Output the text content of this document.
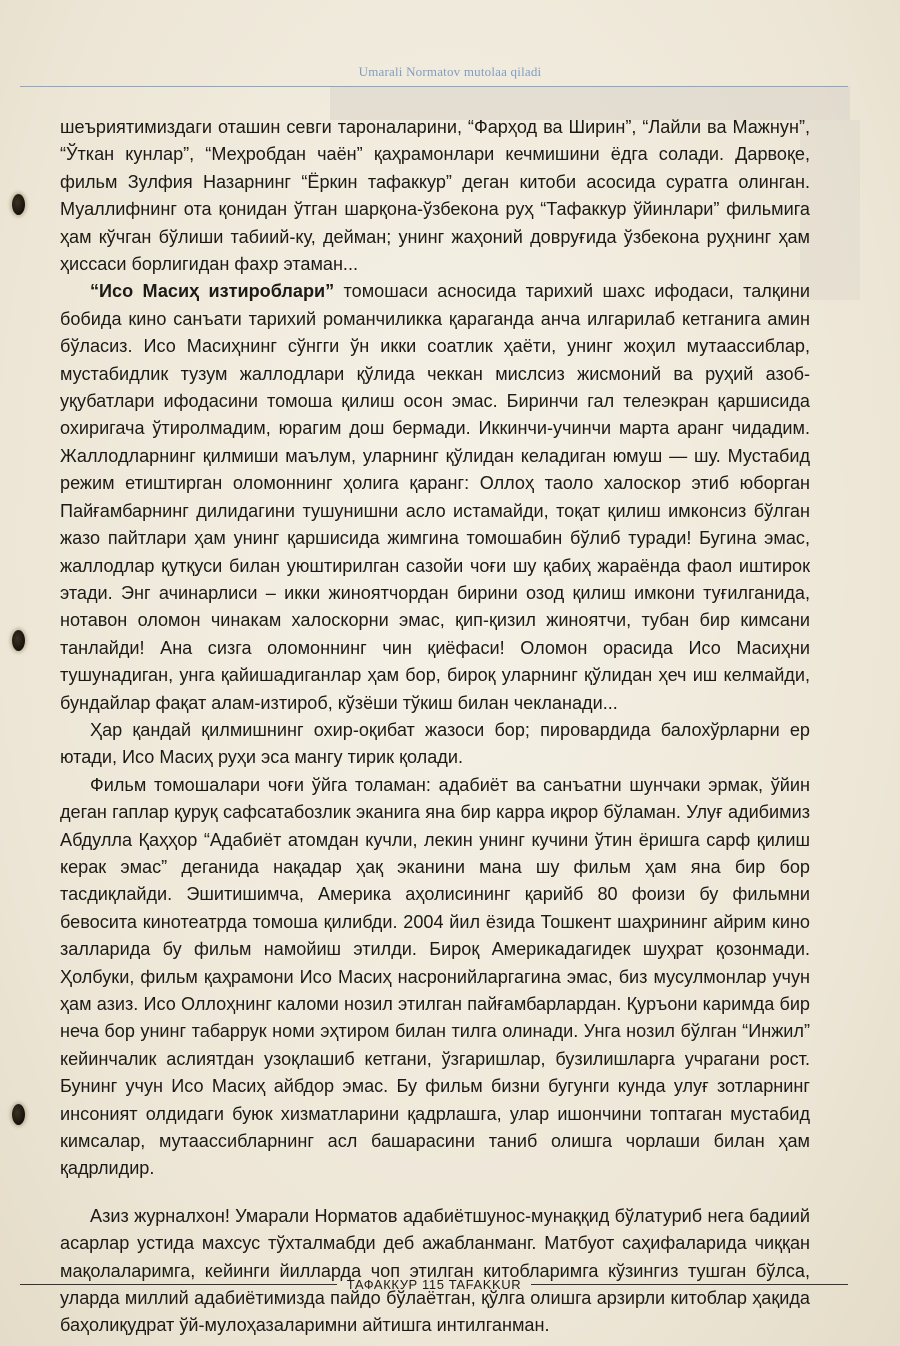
Umarali Normatov mutolaa qiladi

шеъриятимиздаги оташин севги тароналарини, “Фарҳод ва Ширин”, “Лайли ва Мажнун”, “Ўткан кунлар”, “Меҳробдан чаён” қаҳрамонлари кечмишини ёдга солади. Дарвоқе, фильм Зулфия Назарнинг “Ёркин тафаккур” деган китоби асосида суратга олинган. Муаллифнинг ота қонидан ўтган шарқона-ўзбекона руҳ “Тафаккур ўйинлари” фильмига ҳам кўчган бўлиши табиий-ку, дейман; унинг жаҳоний довруғида ўзбекона руҳнинг ҳам ҳиссаси борлигидан фахр этаман...

“Исо Масиҳ изтироблари” томошаси асносида тарихий шахс ифодаси, талқини бобида кино санъати тарихий романчиликка қараганда анча илгарилаб кетганига амин бўласиз. Исо Масиҳнинг сўнгги ўн икки соатлик ҳаёти, унинг жоҳил мутаассиблар, мустабидлик тузум жаллодлари қўлида чеккан мислсиз жисмоний ва руҳий азоб-уқубатлари ифодасини томоша қилиш осон эмас. Биринчи гал телеэкран қаршисида охиригача ўтиролмадим, юрагим дош бермади. Иккинчи-учинчи марта аранг чидадим. Жаллодларнинг қилмиши маълум, уларнинг қўлидан келадиган юмуш — шу. Мустабид режим етиштирган оломоннинг ҳолига қаранг: Оллоҳ таоло халоскор этиб юборган Пайғамбарнинг дилидагини тушунишни асло истамайди, тоқат қилиш имконсиз бўлган жазо пайтлари ҳам унинг қаршисида жимгина томошабин бўлиб туради! Бугина эмас, жаллодлар қутқуси билан уюштирилган сазойи чоғи шу қабиҳ жараёнда фаол иштирок этади. Энг ачинарлиси – икки жиноятчордан бирини озод қилиш имкони туғилганида, нотавон оломон чинакам халоскорни эмас, қип-қизил жиноятчи, тубан бир кимсани танлайди! Ана сизга оломоннинг чин қиёфаси! Оломон орасида Исо Масиҳни тушунадиган, унга қайишадиганлар ҳам бор, бироқ уларнинг қўлидан ҳеч иш келмайди, бундайлар фақат алам-изтироб, кўзёши тўкиш билан чекланади...

Ҳар қандай қилмишнинг охир-оқибат жазоси бор; пировардида балохўрларни ер ютади, Исо Масиҳ руҳи эса мангу тирик қолади.

Фильм томошалари чоғи ўйга толаман: адабиёт ва санъатни шунчаки эрмак, ўйин деган гаплар қуруқ сафсатабозлик эканига яна бир карра иқрор бўламан. Улуғ адибимиз Абдулла Қаҳҳор “Адабиёт атомдан кучли, лекин унинг кучини ўтин ёришга сарф қилиш керак эмас” деганида нақадар ҳақ эканини мана шу фильм ҳам яна бир бор тасдиқлайди. Эшитишимча, Америка аҳолисининг қарийб 80 фоизи бу фильмни бевосита кинотеатрда томоша қилибди. 2004 йил ёзида Тошкент шаҳрининг айрим кино залларида бу фильм намойиш этилди. Бироқ Америкадагидек шуҳрат қозонмади. Ҳолбуки, фильм қаҳрамони Исо Масиҳ насронийларгагина эмас, биз мусулмонлар учун ҳам азиз. Исо Оллоҳнинг каломи нозил этилган пайғамбарлардан. Қуръони каримда бир неча бор унинг табаррук номи эҳтиром билан тилга олинади. Унга нозил бўлган “Инжил” кейинчалик аслиятдан узоқлашиб кетгани, ўзгаришлар, бузилишларга учрагани рост. Бунинг учун Исо Масиҳ айбдор эмас. Бу фильм бизни бугунги кунда улуғ зотларнинг инсоният олдидаги буюк хизматларини қадрлашга, улар ишончини топтаган мустабид кимсалар, мутаассибларнинг асл башарасини таниб олишга чорлаши билан ҳам қадрлидир.

Азиз журналхон! Умарали Норматов адабиётшунос-мунаққид бўлатуриб нега бадиий асарлар устида махсус тўхталмабди деб ажабланманг. Матбуот саҳифаларида чиққан мақолаларимга, кейинги йилларда чоп этилган китобларимга кўзингиз тушган бўлса, уларда миллий адабиётимизда пайдо бўлаётган, қўлга олишга арзирли китоблар ҳақида баҳолиқудрат ўй-мулоҳазаларимни айтишга интилганман.

ТАФАККУР 115 TAFAKKUR
